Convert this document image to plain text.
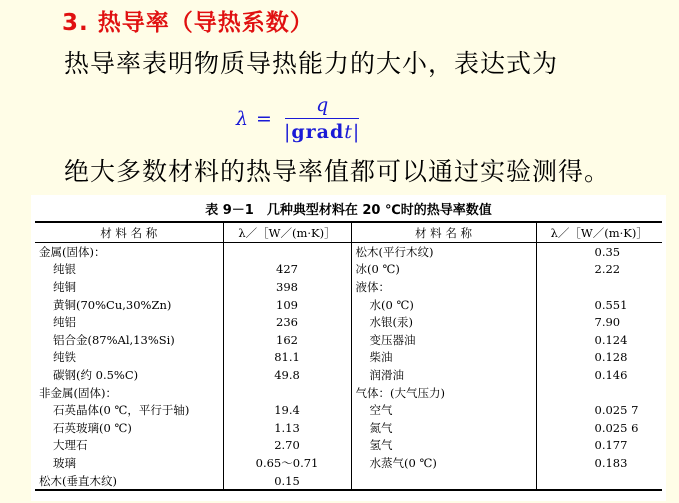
3. 热导率（导热系数）
热导率表明物质导热能力的大小，表达式为
$\lambda = \frac{q}{\text{|gradt|}}$
绝大多数材料的热导率值都可以通过实验测得。
表 9－1　几种典型材料在 20 ℃时的热导率数值
材 料 名 称	λ／［W／(m·K)］	材 料 名 称	λ／［W／(m·K)］
金属(固体)：		松木(平行木纹)	0.35
纯银	427	冰(0 ℃)	2.22
纯铜	398	液体：	
黄铜(70%Cu,30%Zn)	109	水(0 ℃)	0.551
纯铝	236	水银(汞)	7.90
铝合金(87%Al,13%Si)	162	变压器油	0.124
纯铁	81.1	柴油	0.128
碳钢(约 0.5%C)	49.8	润滑油	0.146
非金属(固体)：		气体：(大气压力)	
石英晶体(0 ℃，平行于轴)	19.4	空气	0.025 7
石英玻璃(0 ℃)	1.13	氮气	0.025 6
大理石	2.70	氢气	0.177
玻璃	0.65～0.71	水蒸气(0 ℃)	0.183
松木(垂直木纹)	0.15		
